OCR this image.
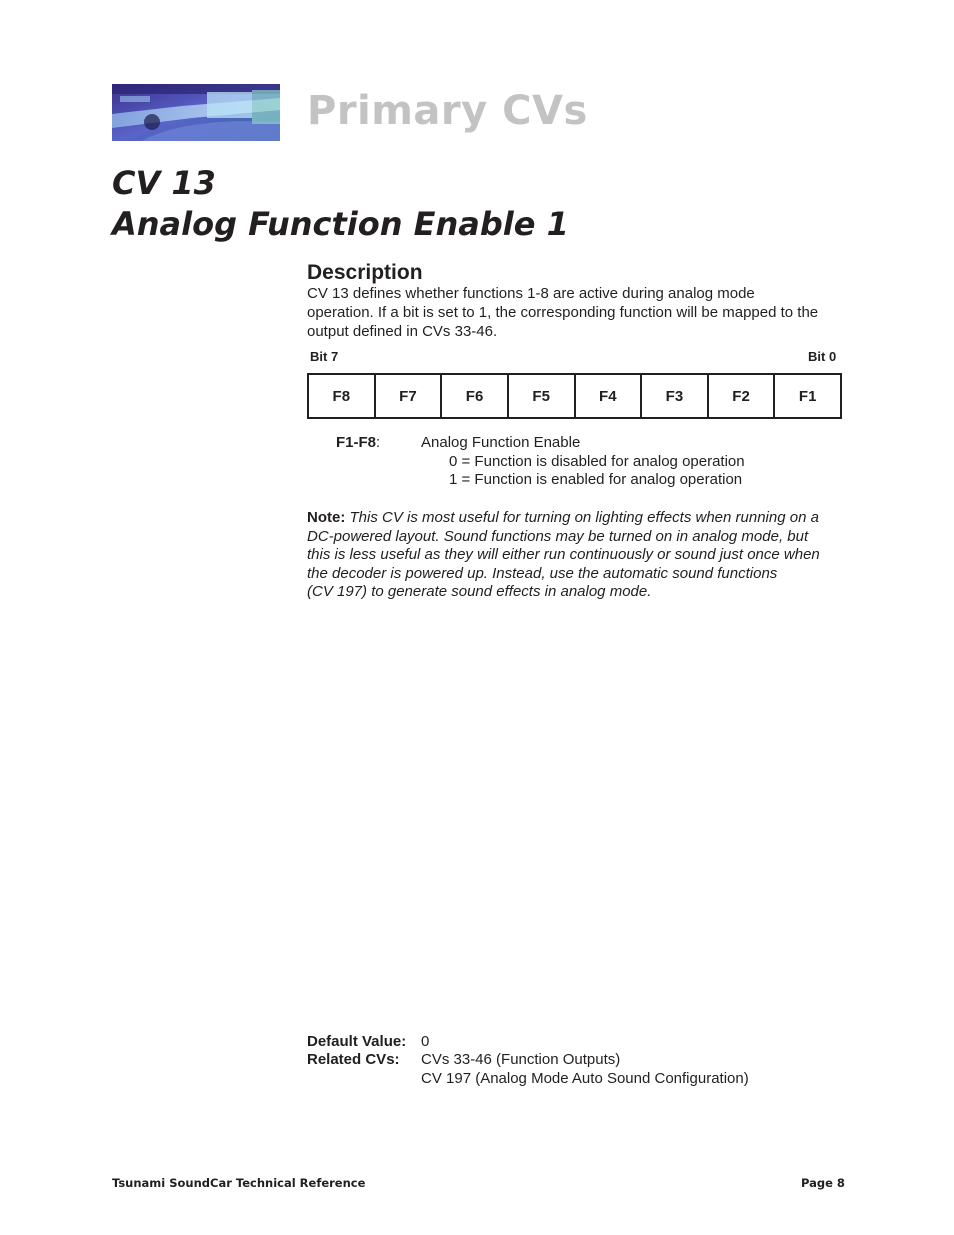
Primary CVs
CV 13
Analog Function Enable 1
Description
CV 13 defines whether functions 1-8 are active during analog mode
operation. If a bit is set to 1, the corresponding function will be mapped to the
output defined in CVs 33-46.
Bit 7	Bit 0
F8	F7	F6	F5	F4	F3	F2	F1
F1-F8:	Analog Function Enable
0 = Function is disabled for analog operation
1 = Function is enabled for analog operation
Note: This CV is most useful for turning on lighting effects when running on a
DC-powered layout. Sound functions may be turned on in analog mode, but
this is less useful as they will either run continuously or sound just once when
the decoder is powered up. Instead, use the automatic sound functions
(CV 197) to generate sound effects in analog mode.
Default Value: 0
Related CVs: CVs 33-46 (Function Outputs)
CV 197 (Analog Mode Auto Sound Configuration)
Tsunami SoundCar Technical Reference	Page 8
